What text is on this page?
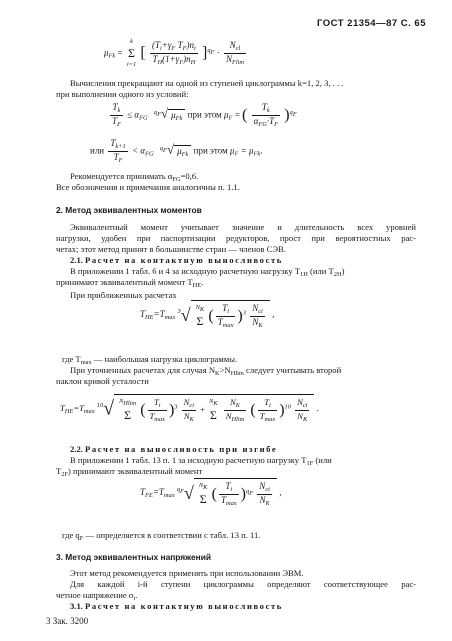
ГОСТ 21354—87 С. 65
$\mu_{Fk}$ =
k
Σ
i=1
[ $\frac{(T_i+\gamma_F T_F)n_i}{T_H(1+\gamma_F)n_H} ]^{qF} \cdot \frac{N_{cl}}{N_{Flim}}$
Вычисления прекращают на одной из ступеней циклограммы k=1, 2, 3, . . .
при выполнении одного из условий:
$\frac{T_k}{T_F} \le \alpha_{FG}$ $^{qF}$√ $\mu_{Fk}$ при этом $\mu_F$ = ( $\frac{T_k}{\alpha_{FG}\cdot T_F} )^{qF}$
или $\frac{T_{k+1}}{T_F} < \alpha_{FG}$ $^{qF}$√ $\mu_{Fk}$ при этом $\mu_F = \mu_{Fk}$.
Рекомендуется принимать $\alpha_{FG}=0,6$.
Все обозначения и примечания аналогичны п. 1.1.
2. Метод эквивалентных моментов
Эквивалентный момент учитывает значение и длительность всех уровней
нагрузки, удобен при паспортизации редукторов, прост при вероятностных рас-
четах; этот метод принят в большинстве стран — членов СЭВ.
2.1. Расчет на контактную выносливость
В приложении 1 табл. 6 и 4 за исходную расчетную нагрузку $T_{1H}$ (или $T_{2H}$)
принимают эквивалентный момент $T_{HE}$.
При приближенных расчетах
$T_{HE}=T_{max}$ $^3$√ NK
Σ ( $\frac{T_i}{T_{max}} )^3 \frac{N_{ci}}{N_K}$ ,
где $T_{max}$ — наибольшая нагрузка циклограммы.
При уточненных расчетах для случая $N_K>N_{Hlim}$ следует учитывать второй
наклон кривой усталости
$T_{HE}=T_{max}$ $^{10}$√ NHlim
Σ ( $\frac{T_i}{T_{max}} )^3 \frac{N_{ci}}{N_K}$ +
NK
Σ
$\frac{N_K}{N_{Hlim}}$ ( $\frac{T_i}{T_{max}} )^{10} \frac{N_{ci}}{N_K}$ .
2.2. Расчет на выносливость при изгибе
В приложении 1 табл. 13 п. 1 за исходную расчетную нагрузку $T_{1F}$ (или
$T_{2F}$) принимают эквивалентный момент
$T_{FE}=T_{max}$ $^{qF}$√ NK
Σ ( $\frac{T_i}{T_{max}} )^{qF} \frac{N_{ci}}{N_K}$ ,
где $q_F$ — определяется в соответствии с табл. 13 п. 11.
3. Метод эквивалентных напряжений
Этот метод рекомендуется применять при использовании ЭВМ.
Для каждой i-й ступени циклограммы определяют соответствующее рас-
четное напряжение $\sigma_i$.
3.1. Расчет на контактную выносливость
3 Зак. 3200
